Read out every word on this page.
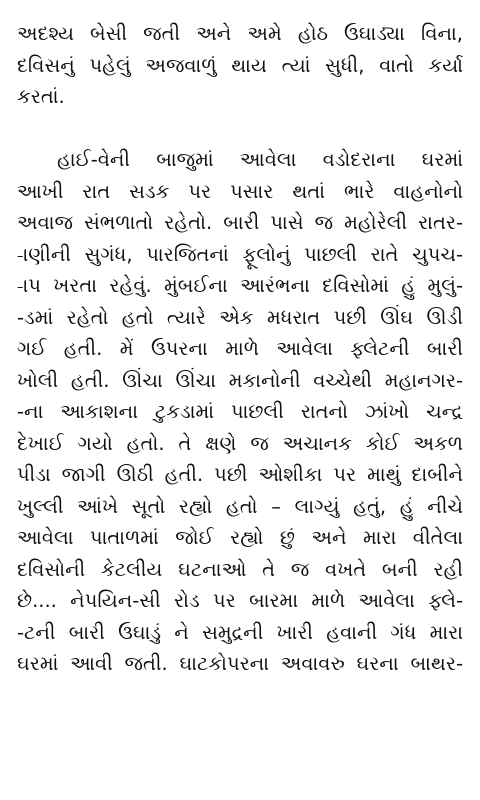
અદશ્ય બેસી જતી અને અમે હોઠ ઉઘાડ્યા વિના,
દવિસનું પહેલું અજવાળું થાય ત્યાં સુધી, વાતો કર્યા
કરતાં.
હાઈ-વેની બાજુમાં આવેલા વડોદરાના ઘરમાં
આખી રાત સડક પર પસાર થતાં ભારે વાહનોનો
અવાજ સંભળાતો રહેતો. બારી પાસે જ મહોરેલી રાતર-
-ાણીની સુગંધ, પારજિતનાં ફૂલોનું પાછલી રાતે ચુપચ-
-ાપ ખરતા રહેવું. મુંબઈના આરંભના દવિસોમાં હું મુલું-
-ડમાં રહેતો હતો ત્યારે એક મધરાત પછી ઊંઘ ઊડી
ગઈ હતી. મેં ઉપરના માળે આવેલા ફ્લેટની બારી
ખોલી હતી. ઊંચા ઊંચા મકાનોની વચ્ચેથી મહાનગર-
-ના આકાશના ટુકડામાં પાછલી રાતનો ઝાંખો ચન્દ્ર
દેખાઈ ગયો હતો. તે ક્ષણે જ અચાનક કોઈ અકળ
પીડા જાગી ઊઠી હતી. પછી ઓશીકા પર માથું દાબીને
ખુલ્લી આંખે સૂતો રહ્યો હતો – લાગ્યું હતું, હું નીચે
આવેલા પાતાળમાં જોઈ રહ્યો છું અને મારા વીતેલા
દવિસોની કેટલીય ઘટનાઓ તે જ વખતે બની રહી
છે.... નેપયિન-સી રોડ પર બારમા માળે આવેલા ફ્લે-
-ટની બારી ઉઘાડું ને સમુદ્રની ખારી હવાની ગંધ મારા
ઘરમાં આવી જતી. ઘાટકોપરના અવાવરુ ઘરના બાથર-
